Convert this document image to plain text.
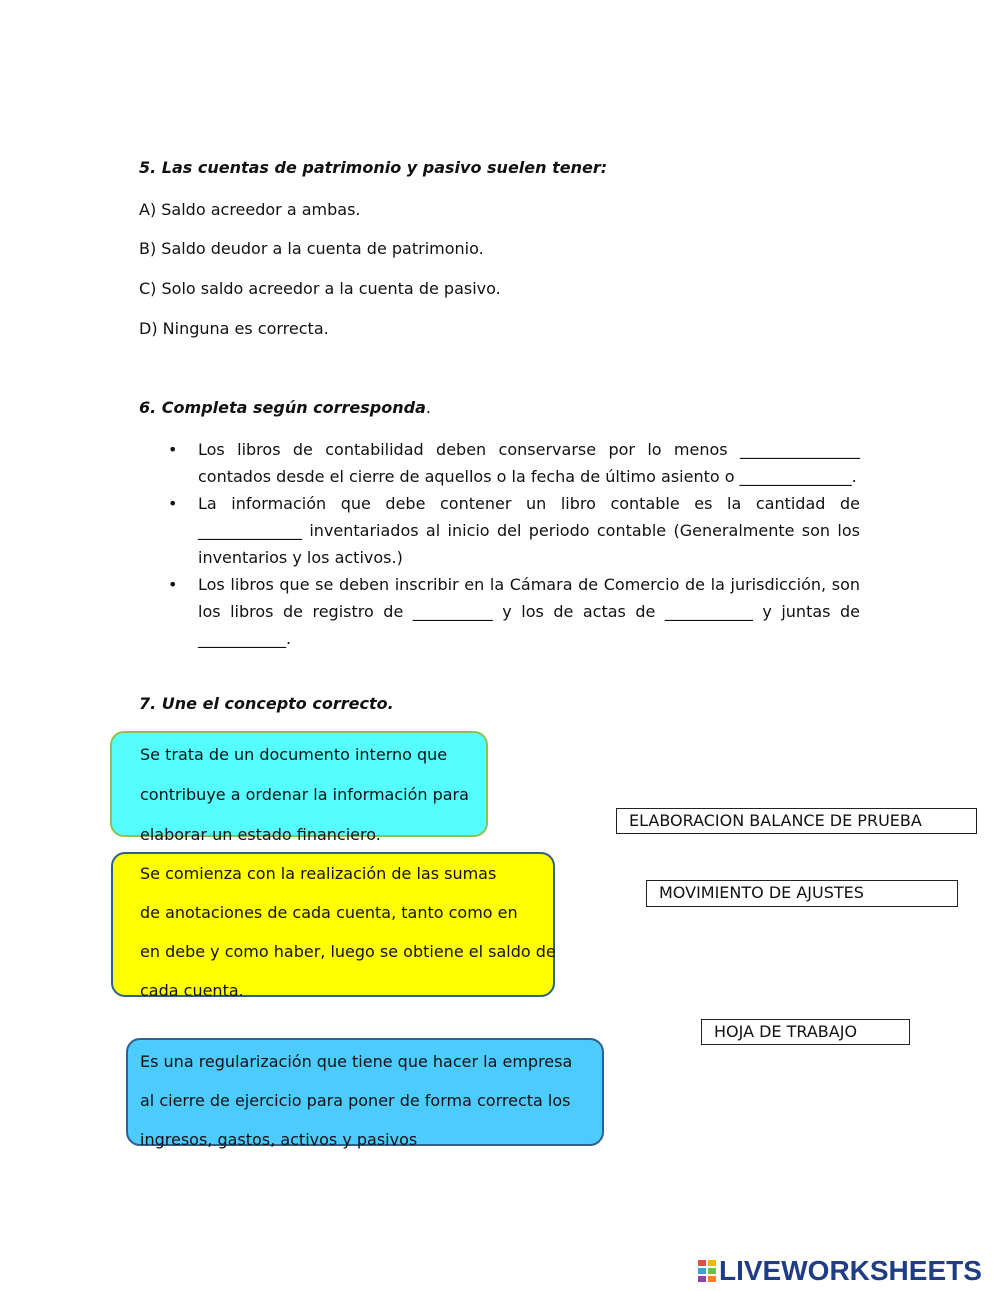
5. Las cuentas de patrimonio y pasivo suelen tener:
A) Saldo acreedor a ambas.
B) Saldo deudor a la cuenta de patrimonio.
C) Solo saldo acreedor a la cuenta de pasivo.
D) Ninguna es correcta.
6. Completa según corresponda.
• Los libros de contabilidad deben conservarse por lo menos _______________ contados desde el cierre de aquellos o la fecha de último asiento o ______________.
• La información que debe contener un libro contable es la cantidad de _____________ inventariados al inicio del periodo contable (Generalmente son los inventarios y los activos.)
• Los libros que se deben inscribir en la Cámara de Comercio de la jurisdicción, son los libros de registro de __________ y los de actas de ___________ y juntas de ___________.
7. Une el concepto correcto.

Se trata de un documento interno que

contribuye a ordenar la información para

elaborar un estado financiero.

Se comienza con la realización de las sumas

de anotaciones de cada cuenta, tanto como en

en debe y como haber, luego se obtiene el saldo de

cada cuenta.

Es una regularización que tiene que hacer la empresa

al cierre de ejercicio para poner de forma correcta los

ingresos, gastos, activos y pasivos

ELABORACION BALANCE DE PRUEBA
MOVIMIENTO DE AJUSTES
HOJA DE TRABAJO
LIVEWORKSHEETS
